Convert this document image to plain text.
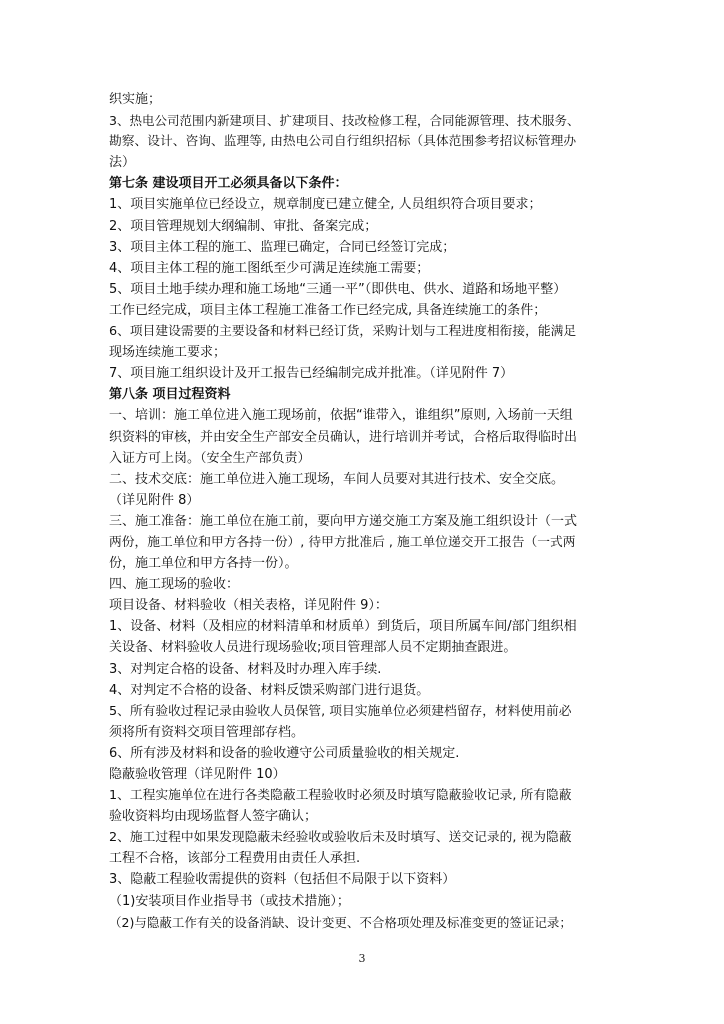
织实施；
3、热电公司范围内新建项目、扩建项目、技改检修工程，合同能源管理、技术服务、
勘察、设计、咨询、监理等, 由热电公司自行组织招标（具体范围参考招议标管理办
法）
第七条 建设项目开工必须具备以下条件：
1、项目实施单位已经设立，规章制度已建立健全, 人员组织符合项目要求；
2、项目管理规划大纲编制、审批、备案完成；
3、项目主体工程的施工、监理已确定，合同已经签订完成；
4、项目主体工程的施工图纸至少可满足连续施工需要；
5、项目土地手续办理和施工场地“三通一平”（即供电、供水、道路和场地平整）
工作已经完成，项目主体工程施工准备工作已经完成, 具备连续施工的条件；
6、项目建设需要的主要设备和材料已经订货，采购计划与工程进度相衔接，能满足
现场连续施工要求；
7、项目施工组织设计及开工报告已经编制完成并批准。（详见附件 7）
第八条 项目过程资料
一、培训：施工单位进入施工现场前，依据“谁带入，谁组织”原则, 入场前一天组
织资料的审核，并由安全生产部安全员确认，进行培训并考试，合格后取得临时出
入证方可上岗。（安全生产部负责）
二、技术交底：施工单位进入施工现场，车间人员要对其进行技术、安全交底。
（详见附件 8）
三、施工准备：施工单位在施工前，要向甲方递交施工方案及施工组织设计（一式
两份，施工单位和甲方各持一份）, 待甲方批准后 , 施工单位递交开工报告（一式两
份，施工单位和甲方各持一份）。
四、施工现场的验收：
项目设备、材料验收（相关表格，详见附件 9）：
1、设备、材料（及相应的材料清单和材质单）到货后，项目所属车间/部门组织相
关设备、材料验收人员进行现场验收;项目管理部人员不定期抽查跟进。
3、对判定合格的设备、材料及时办理入库手续.
4、对判定不合格的设备、材料反馈采购部门进行退货。
5、所有验收过程记录由验收人员保管, 项目实施单位必须建档留存，材料使用前必
须将所有资料交项目管理部存档。
6、所有涉及材料和设备的验收遵守公司质量验收的相关规定.
隐蔽验收管理（详见附件 10）
1、工程实施单位在进行各类隐蔽工程验收时必须及时填写隐蔽验收记录, 所有隐蔽
验收资料均由现场监督人签字确认；
2、施工过程中如果发现隐蔽未经验收或验收后未及时填写、送交记录的, 视为隐蔽
工程不合格，该部分工程费用由责任人承担.
3、隐蔽工程验收需提供的资料（包括但不局限于以下资料）
（1)安装项目作业指导书（或技术措施）；
（2)与隐蔽工作有关的设备消缺、设计变更、不合格项处理及标准变更的签证记录；
3
